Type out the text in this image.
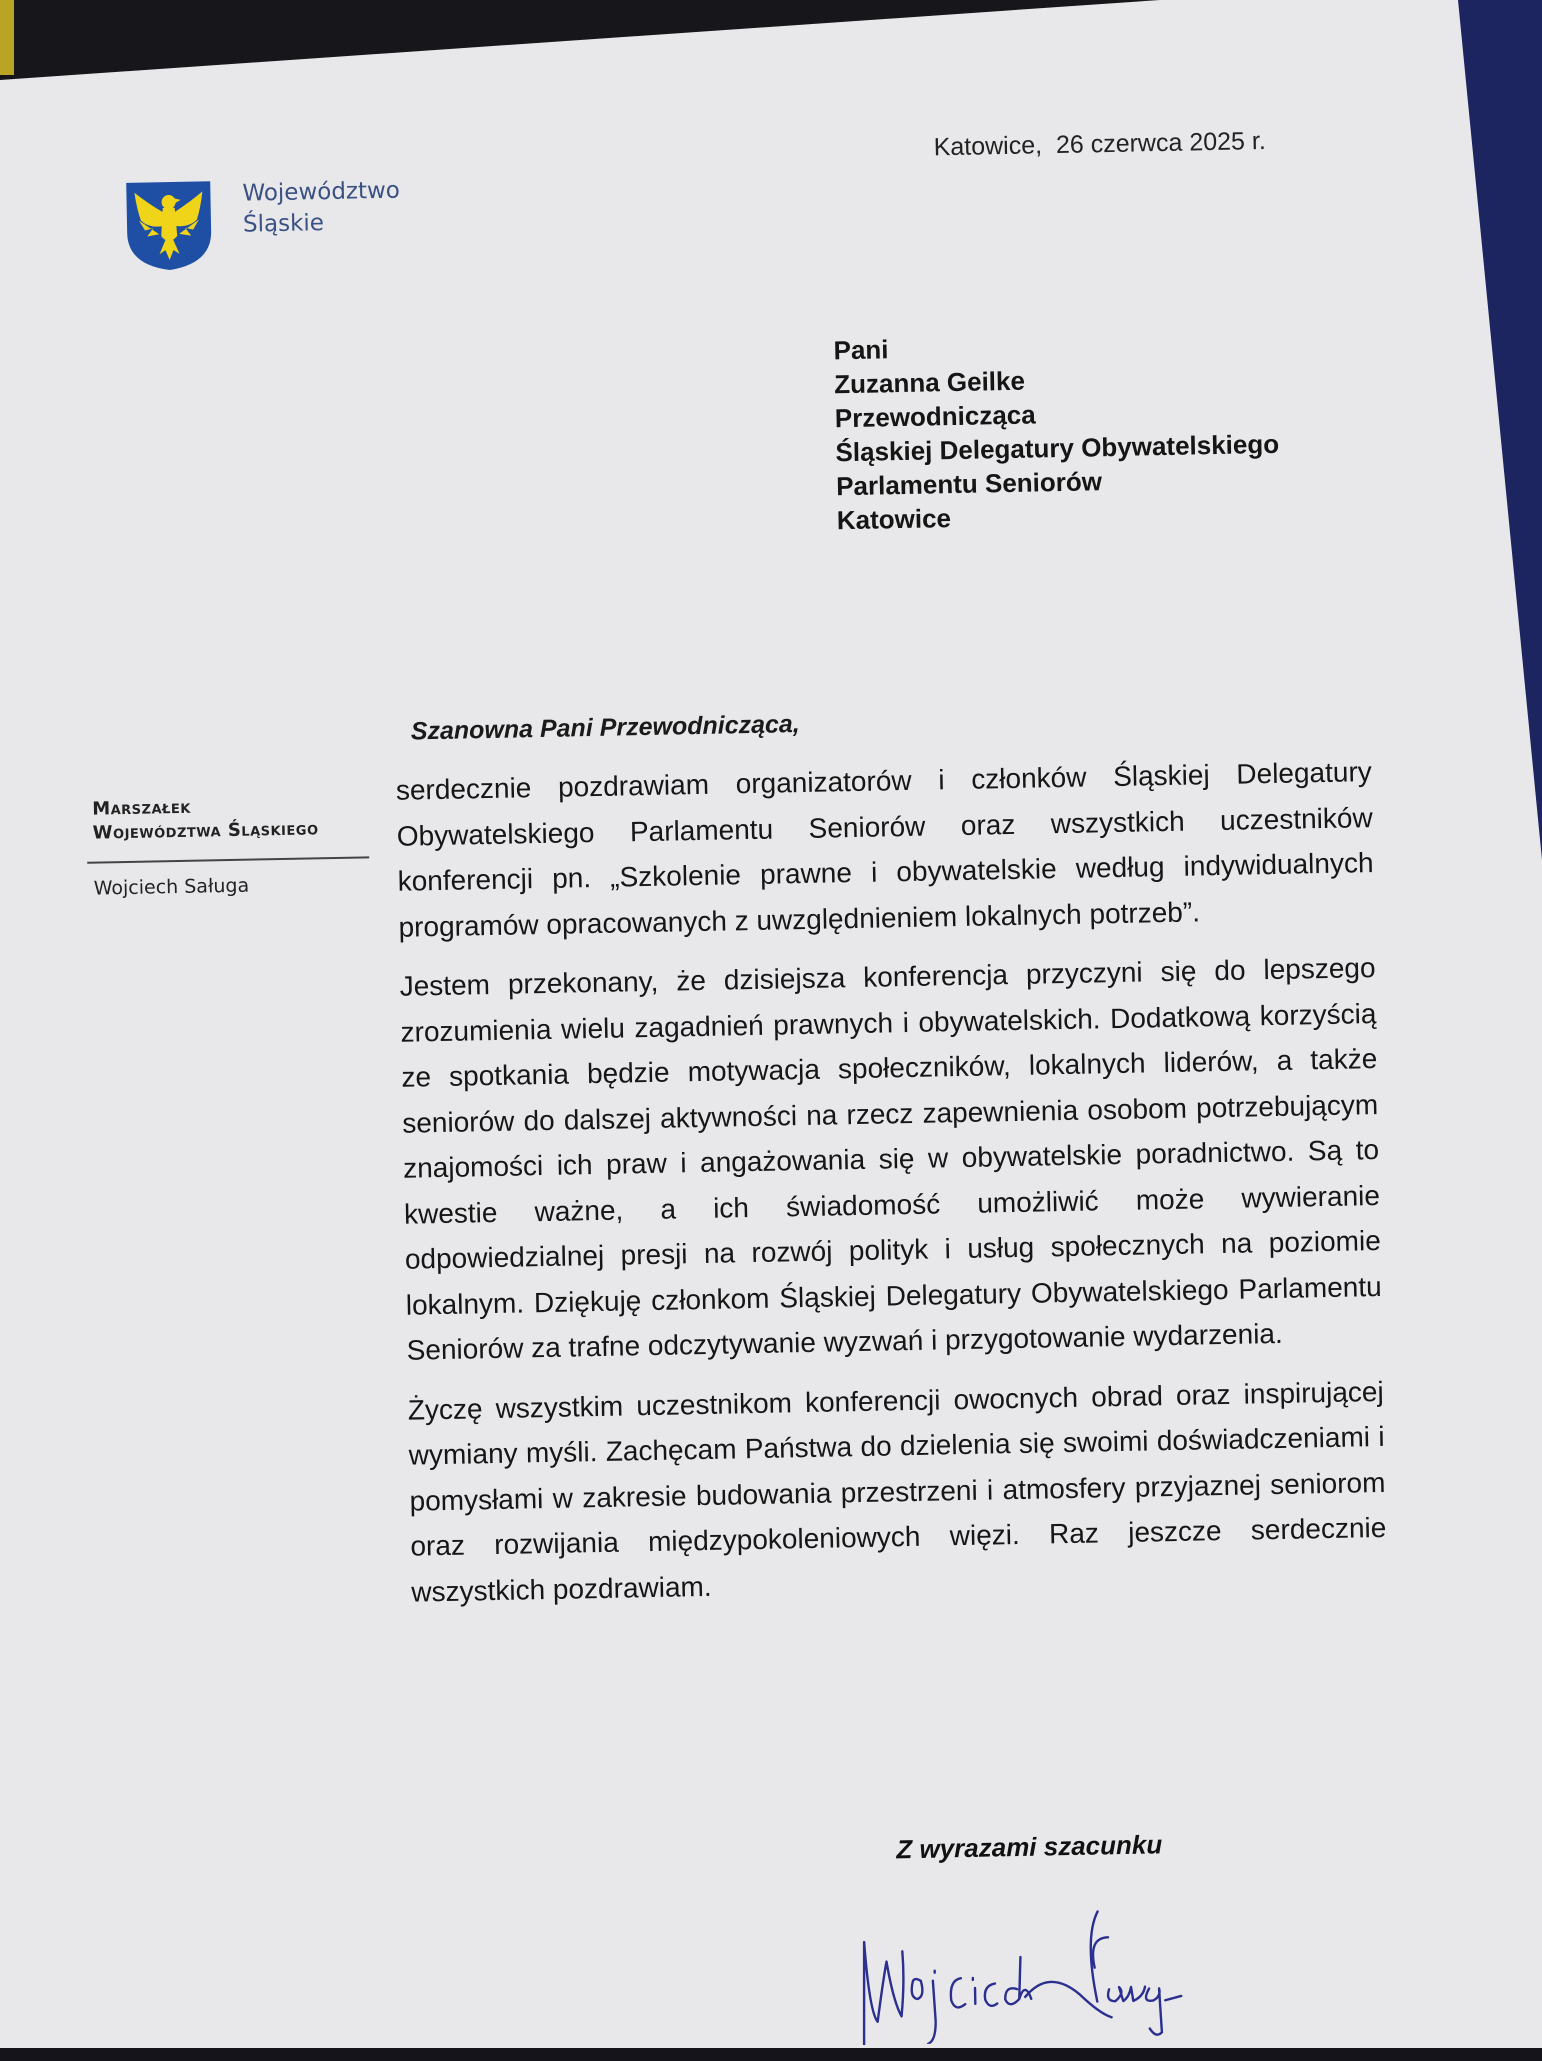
Województwo
Śląskie
Katowice,  26 czerwca 2025 r.
Pani
Zuzanna Geilke
Przewodnicząca
Śląskiej Delegatury Obywatelskiego
Parlamentu Seniorów
Katowice
Marszałek
Województwa Śląskiego
Wojciech Saługa
Szanowna Pani Przewodnicząca,

serdecznie pozdrawiam organizatorów i członków Śląskiej Delegatury Obywatelskiego Parlamentu Seniorów oraz wszystkich uczestników konferencji pn. „Szkolenie prawne i obywatelskie według indywidualnych programów opracowanych z uwzględnieniem lokalnych potrzeb”.

Jestem przekonany, że dzisiejsza konferencja przyczyni się do lepszego zrozumienia wielu zagadnień prawnych i obywatelskich. Dodatkową korzyścią ze spotkania będzie motywacja społeczników, lokalnych liderów, a także seniorów do dalszej aktywności na rzecz zapewnienia osobom potrzebującym znajomości ich praw i angażowania się w obywatelskie poradnictwo. Są to kwestie ważne, a ich świadomość umożliwić może wywieranie odpowiedzialnej presji na rozwój polityk i usług społecznych na poziomie lokalnym. Dziękuję członkom Śląskiej Delegatury Obywatelskiego Parlamentu Seniorów za trafne odczytywanie wyzwań i przygotowanie wydarzenia.

Życzę wszystkim uczestnikom konferencji owocnych obrad oraz inspirującej wymiany myśli. Zachęcam Państwa do dzielenia się swoimi doświadczeniami i pomysłami w zakresie budowania przestrzeni i atmosfery przyjaznej seniorom oraz rozwijania międzypokoleniowych więzi. Raz jeszcze serdecznie wszystkich pozdrawiam.

Z wyrazami szacunku
